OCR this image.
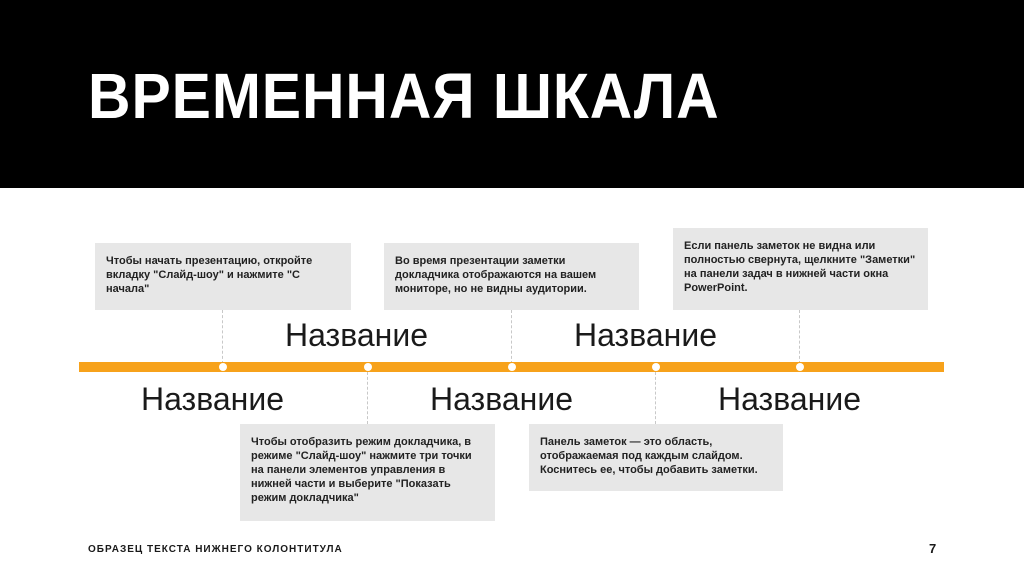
ВРЕМЕННАЯ ШКАЛА
Чтобы начать презентацию, откройте вкладку "Слайд-шоу" и нажмите "С начала"
Во время презентации заметки докладчика отображаются на вашем мониторе, но не видны аудитории.
Если панель заметок не видна или полностью свернута, щелкните "Заметки" на панели задач в нижней части окна PowerPoint.
Название	Название
Название	Название	Название
Чтобы отобразить режим докладчика, в режиме "Слайд-шоу" нажмите три точки на панели элементов управления в нижней части и выберите "Показать режим докладчика"
Панель заметок — это область, отображаемая под каждым слайдом. Коснитесь ее, чтобы добавить заметки.
ОБРАЗЕЦ ТЕКСТА НИЖНЕГО КОЛОНТИТУЛА	7
